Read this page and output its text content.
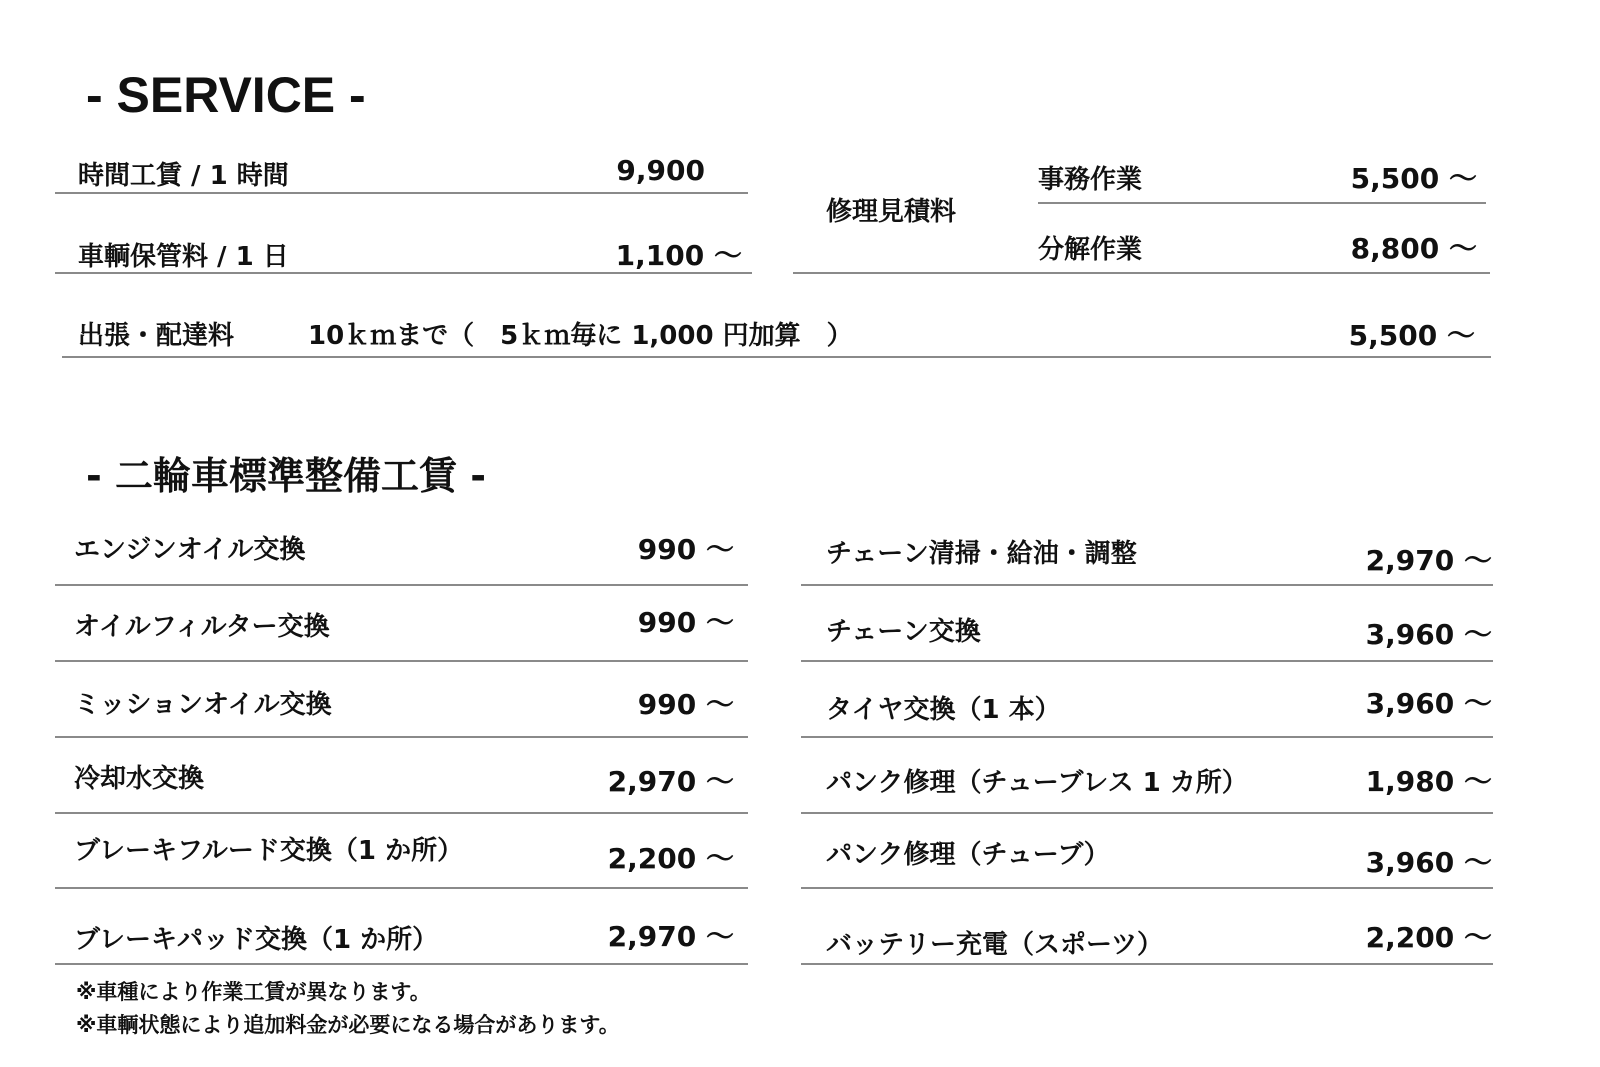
- SERVICE -
時間工賃 / 1 時間	9,900
車輌保管料 / 1 日	1,100 〜
修理見積料
事務作業	5,500 〜
分解作業	8,800 〜
出張・配達料	10ｋｍまで（　5ｋｍ毎に 1,000 円加算　）	5,500 〜
- 二輪車標準整備工賃 -
エンジンオイル交換	990 〜
オイルフィルター交換	990 〜
ミッションオイル交換	990 〜
冷却水交換	2,970 〜
ブレーキフルード交換（1 か所）	2,200 〜
ブレーキパッド交換（1 か所）	2,970 〜
チェーン清掃・給油・調整	2,970 〜
チェーン交換	3,960 〜
タイヤ交換（1 本）	3,960 〜
パンク修理（チューブレス 1 カ所）	1,980 〜
パンク修理（チューブ）	3,960 〜
バッテリー充電（スポーツ）	2,200 〜
※車種により作業工賃が異なります。
※車輌状態により追加料金が必要になる場合があります。
